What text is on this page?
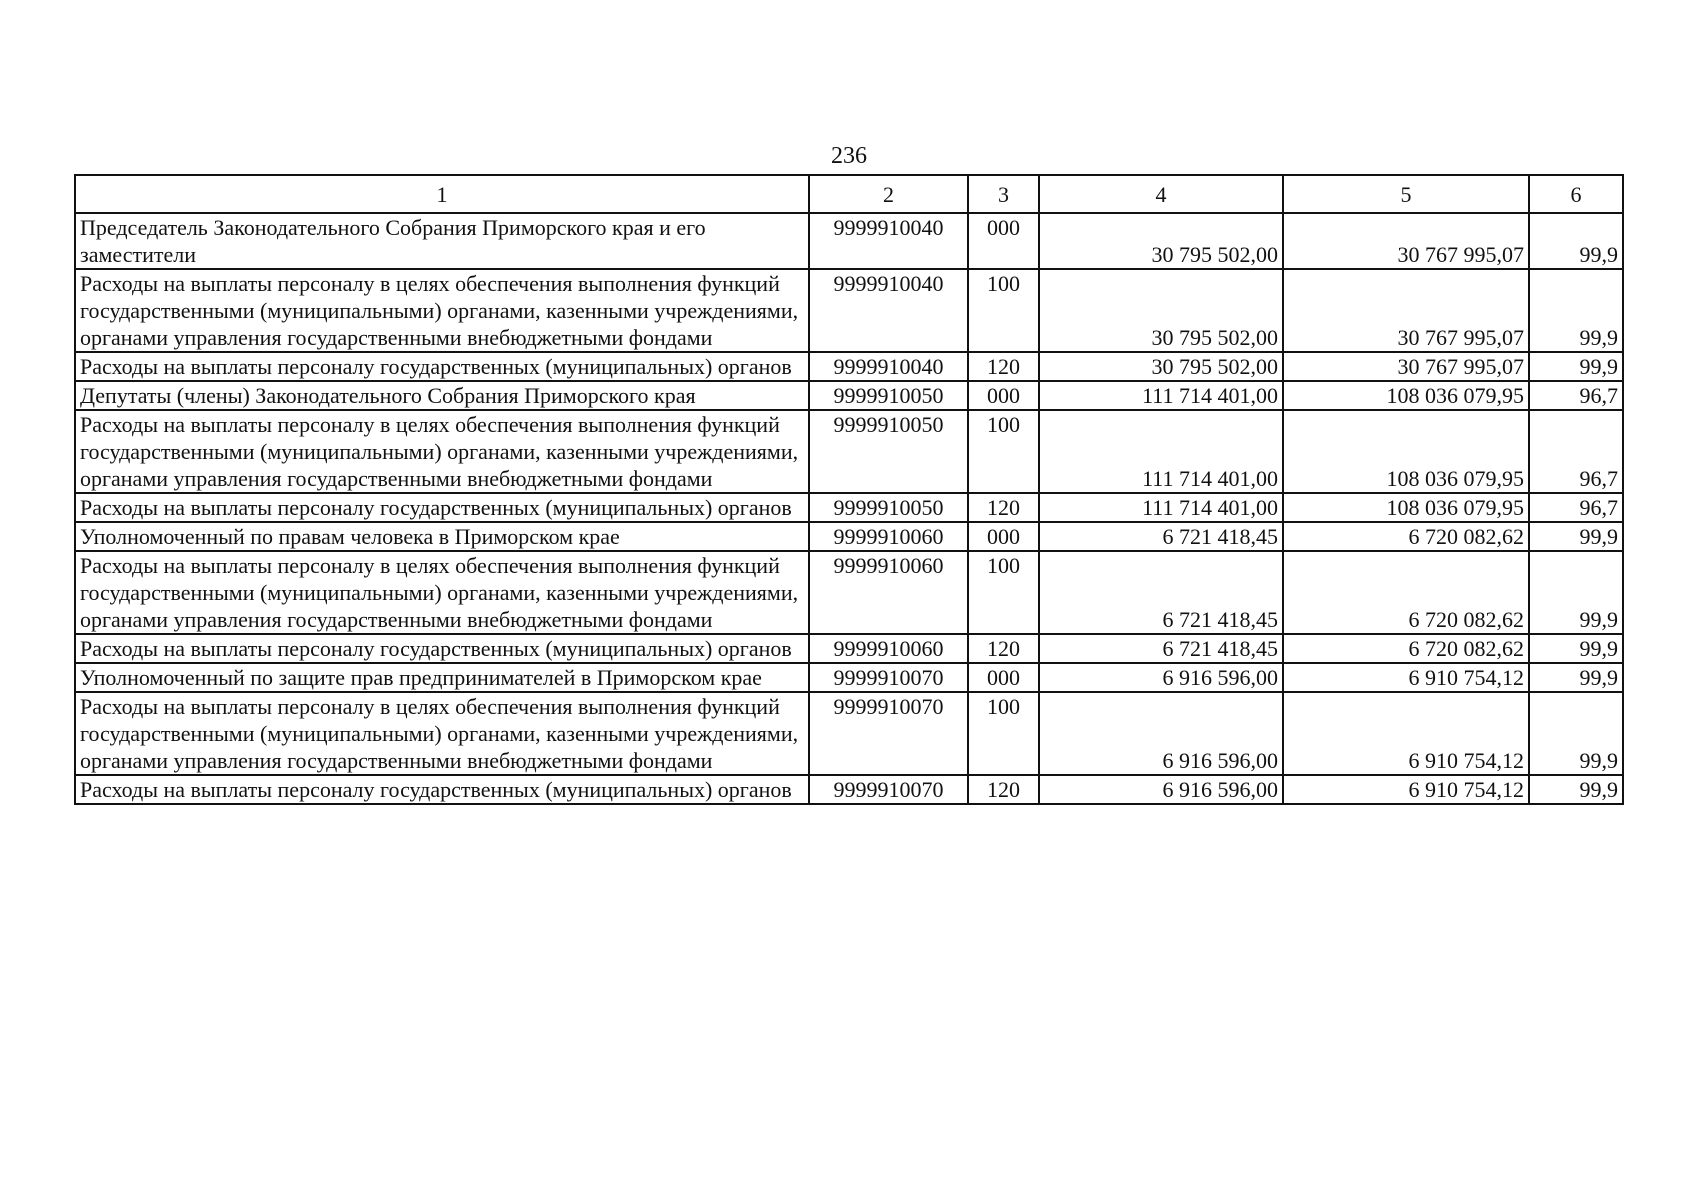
236
1	2	3	4	5	6
Председатель Законодательного Собрания Приморского края и его заместители	9999910040	000	30 795 502,00	30 767 995,07	99,9
Расходы на выплаты персоналу в целях обеспечения выполнения функций государственными (муниципальными) органами, казенными учреждениями, органами управления государственными внебюджетными фондами	9999910040	100	30 795 502,00	30 767 995,07	99,9
Расходы на выплаты персоналу государственных (муниципальных) органов	9999910040	120	30 795 502,00	30 767 995,07	99,9
Депутаты (члены) Законодательного Собрания Приморского края	9999910050	000	111 714 401,00	108 036 079,95	96,7
Расходы на выплаты персоналу в целях обеспечения выполнения функций государственными (муниципальными) органами, казенными учреждениями, органами управления государственными внебюджетными фондами	9999910050	100	111 714 401,00	108 036 079,95	96,7
Расходы на выплаты персоналу государственных (муниципальных) органов	9999910050	120	111 714 401,00	108 036 079,95	96,7
Уполномоченный по правам человека в Приморском крае	9999910060	000	6 721 418,45	6 720 082,62	99,9
Расходы на выплаты персоналу в целях обеспечения выполнения функций государственными (муниципальными) органами, казенными учреждениями, органами управления государственными внебюджетными фондами	9999910060	100	6 721 418,45	6 720 082,62	99,9
Расходы на выплаты персоналу государственных (муниципальных) органов	9999910060	120	6 721 418,45	6 720 082,62	99,9
Уполномоченный по защите прав предпринимателей в Приморском крае	9999910070	000	6 916 596,00	6 910 754,12	99,9
Расходы на выплаты персоналу в целях обеспечения выполнения функций государственными (муниципальными) органами, казенными учреждениями, органами управления государственными внебюджетными фондами	9999910070	100	6 916 596,00	6 910 754,12	99,9
Расходы на выплаты персоналу государственных (муниципальных) органов	9999910070	120	6 916 596,00	6 910 754,12	99,9
